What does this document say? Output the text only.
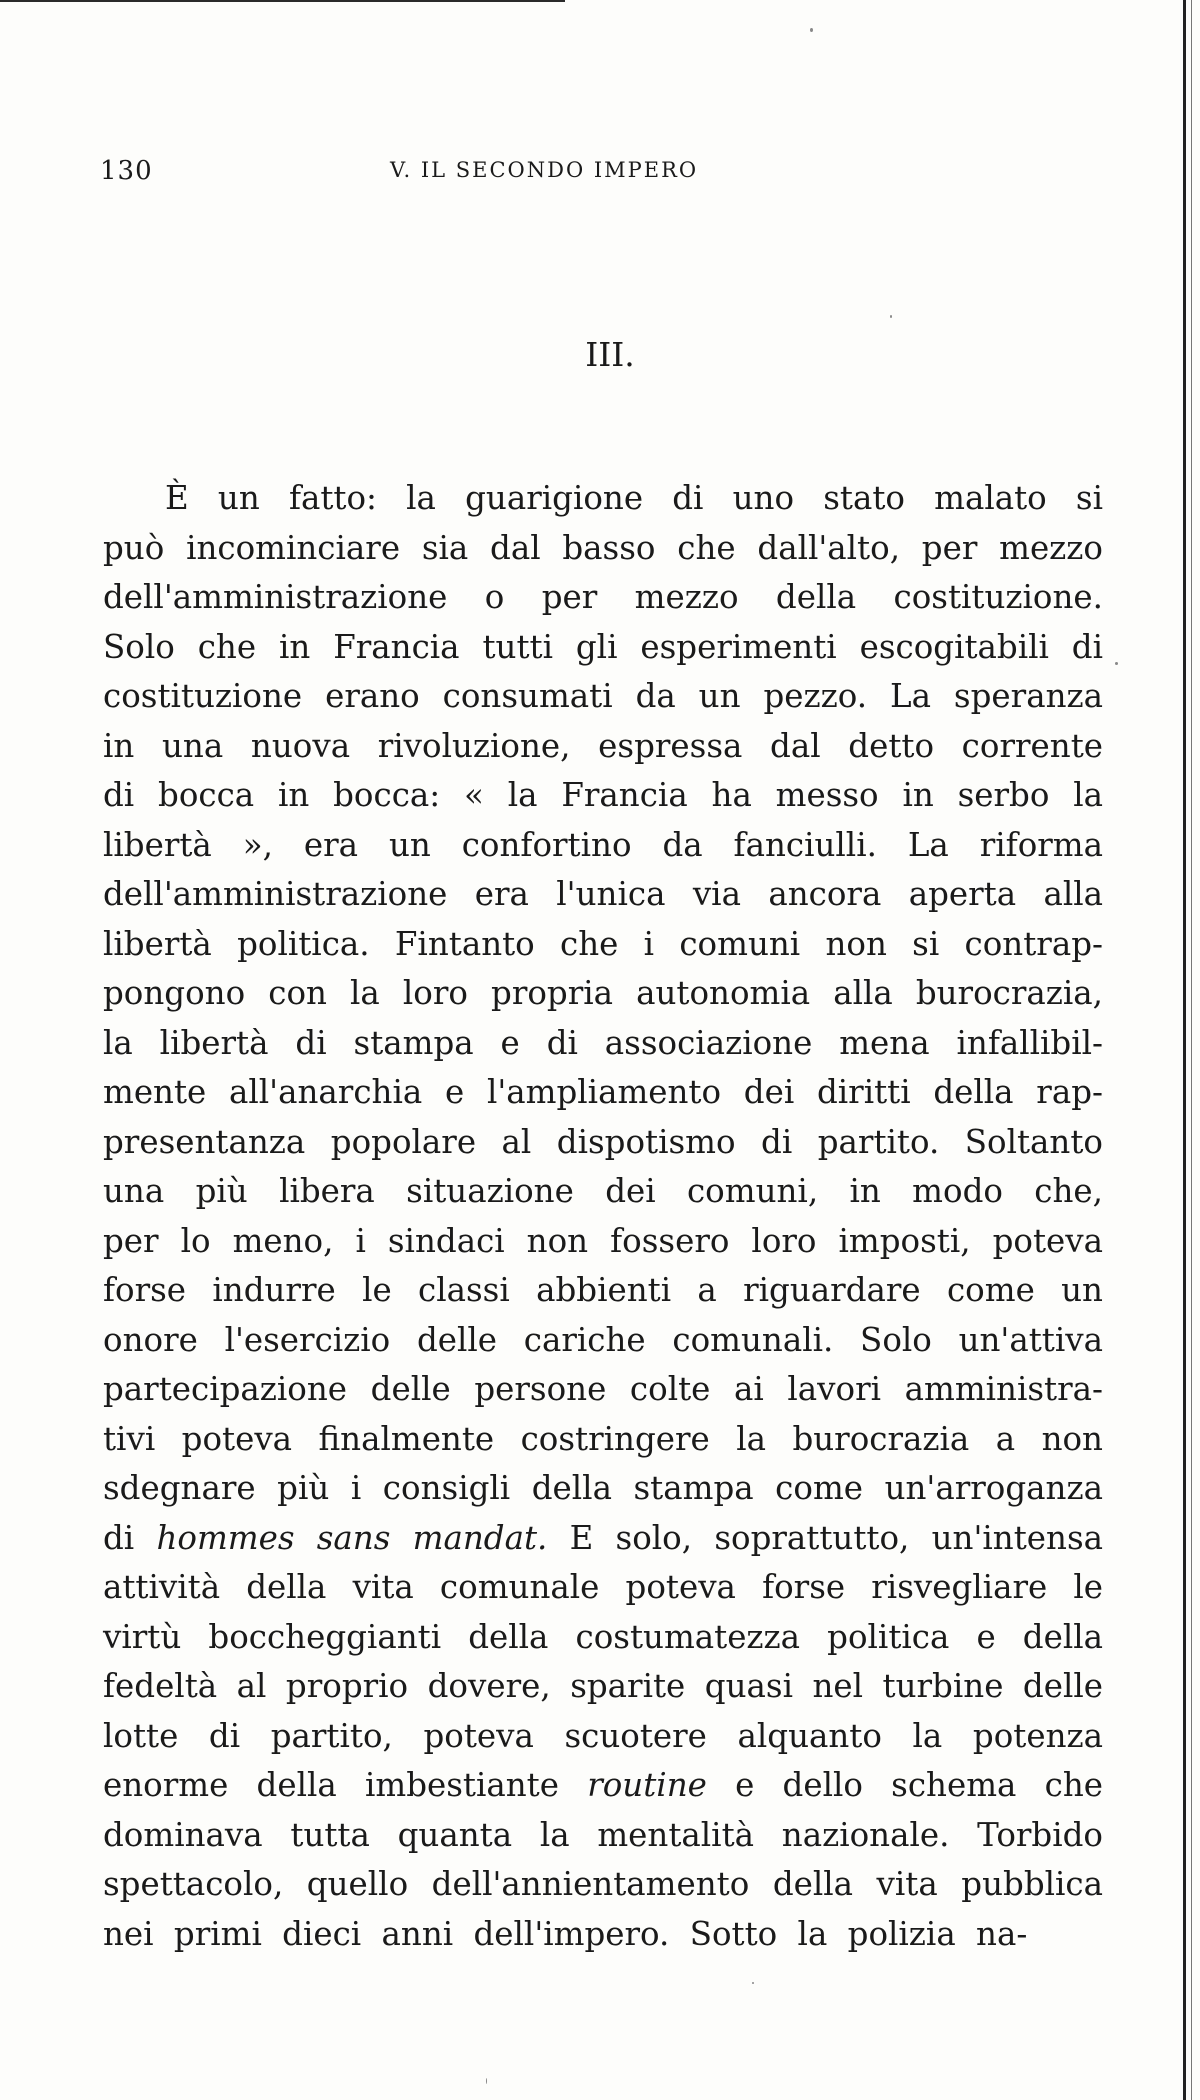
130	V. IL SECONDO IMPERO
III.
È un fatto: la guarigione di uno stato malato si
può incominciare sia dal basso che dall'alto, per mezzo
dell'amministrazione o per mezzo della costituzione.
Solo che in Francia tutti gli esperimenti escogitabili di
costituzione erano consumati da un pezzo. La speranza
in una nuova rivoluzione, espressa dal detto corrente
di bocca in bocca: « la Francia ha messo in serbo la
libertà », era un confortino da fanciulli. La riforma
dell'amministrazione era l'unica via ancora aperta alla
libertà politica. Fintanto che i comuni non si contrap-
pongono con la loro propria autonomia alla burocrazia,
la libertà di stampa e di associazione mena infallibil-
mente all'anarchia e l'ampliamento dei diritti della rap-
presentanza popolare al dispotismo di partito. Soltanto
una più libera situazione dei comuni, in modo che,
per lo meno, i sindaci non fossero loro imposti, poteva
forse indurre le classi abbienti a riguardare come un
onore l'esercizio delle cariche comunali. Solo un'attiva
partecipazione delle persone colte ai lavori amministra-
tivi poteva finalmente costringere la burocrazia a non
sdegnare più i consigli della stampa come un'arroganza
di hommes sans mandat. E solo, soprattutto, un'intensa
attività della vita comunale poteva forse risvegliare le
virtù boccheggianti della costumatezza politica e della
fedeltà al proprio dovere, sparite quasi nel turbine delle
lotte di partito, poteva scuotere alquanto la potenza
enorme della imbestiante routine e dello schema che
dominava tutta quanta la mentalità nazionale. Torbido
spettacolo, quello dell'annientamento della vita pubblica
nei primi dieci anni dell'impero. Sotto la polizia na-
